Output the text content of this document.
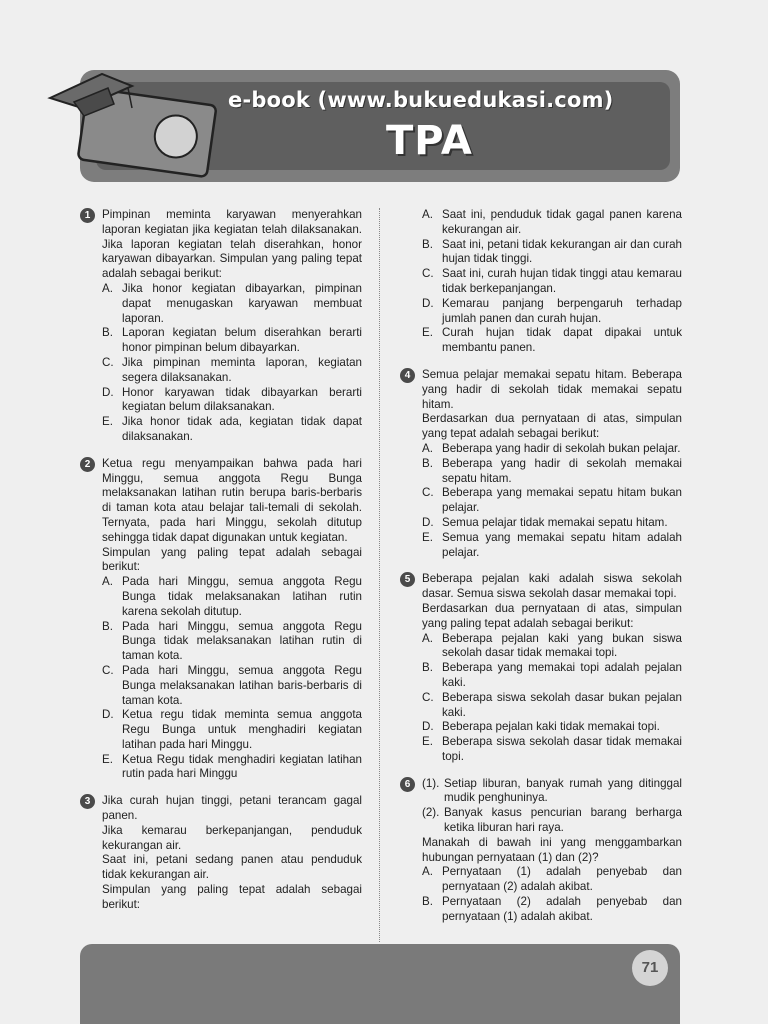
e-book (www.bukuedukasi.com)
TPA
1	Pimpinan meminta karyawan menyerahkan laporan kegiatan jika kegiatan telah dilaksanakan. Jika laporan kegiatan telah diserahkan, honor karyawan dibayarkan. Simpulan yang paling tepat adalah sebagai berikut:

A. Jika honor kegiatan dibayarkan, pimpinan dapat menugaskan karyawan membuat laporan.
B. Laporan kegiatan belum diserahkan berarti honor pimpinan belum dibayarkan.
C. Jika pimpinan meminta laporan, kegiatan segera dilaksanakan.
D. Honor karyawan tidak dibayarkan berarti kegiatan belum dilaksanakan.
E. Jika honor tidak ada, kegiatan tidak dapat dilaksanakan.
2	Ketua regu menyampaikan bahwa pada hari Minggu, semua anggota Regu Bunga melaksanakan latihan rutin berupa baris-berbaris di taman kota atau belajar tali-temali di sekolah. Ternyata, pada hari Minggu, sekolah ditutup sehingga tidak dapat digunakan untuk kegiatan.

Simpulan yang paling tepat adalah sebagai berikut:

A. Pada hari Minggu, semua anggota Regu Bunga tidak melaksanakan latihan rutin karena sekolah ditutup.
B. Pada hari Minggu, semua anggota Regu Bunga tidak melaksanakan latihan rutin di taman kota.
C. Pada hari Minggu, semua anggota Regu Bunga melaksanakan latihan baris-berbaris di taman kota.
D. Ketua regu tidak meminta semua anggota Regu Bunga untuk menghadiri kegiatan latihan pada hari Minggu.
E. Ketua Regu tidak menghadiri kegiatan latihan rutin pada hari Minggu
3	Jika curah hujan tinggi, petani terancam gagal panen.

Jika kemarau berkepanjangan, penduduk kekurangan air.

Saat ini, petani sedang panen atau penduduk tidak kekurangan air.

Simpulan yang paling tepat adalah sebagai berikut:

A. Saat ini, penduduk tidak gagal panen karena kekurangan air.
B. Saat ini, petani tidak kekurangan air dan curah hujan tidak tinggi.
C. Saat ini, curah hujan tidak tinggi atau kemarau tidak berkepanjangan.
D. Kemarau panjang berpengaruh terhadap jumlah panen dan curah hujan.
E. Curah hujan tidak dapat dipakai untuk membantu panen.
4	Semua pelajar memakai sepatu hitam. Beberapa yang hadir di sekolah tidak memakai sepatu hitam.

Berdasarkan dua pernyataan di atas, simpulan yang tepat adalah sebagai berikut:

A. Beberapa yang hadir di sekolah bukan pelajar.
B. Beberapa yang hadir di sekolah memakai sepatu hitam.
C. Beberapa yang memakai sepatu hitam bukan pelajar.
D. Semua pelajar tidak memakai sepatu hitam.
E. Semua yang memakai sepatu hitam adalah pelajar.
5	Beberapa pejalan kaki adalah siswa sekolah dasar. Semua siswa sekolah dasar memakai topi.

Berdasarkan dua pernyataan di atas, simpulan yang paling tepat adalah sebagai berikut:

A. Beberapa pejalan kaki yang bukan siswa sekolah dasar tidak memakai topi.
B. Beberapa yang memakai topi adalah pejalan kaki.
C. Beberapa siswa sekolah dasar bukan pejalan kaki.
D. Beberapa pejalan kaki tidak memakai topi.
E. Beberapa siswa sekolah dasar tidak memakai topi.
6	(1). Setiap liburan, banyak rumah yang ditinggal mudik penghuninya.
(2). Banyak kasus pencurian barang berharga ketika liburan hari raya.

Manakah di bawah ini yang menggambarkan hubungan pernyataan (1) dan (2)?

A. Pernyataan (1) adalah penyebab dan pernyataan (2) adalah akibat.
B. Pernyataan (2) adalah penyebab dan pernyataan (1) adalah akibat.
71
